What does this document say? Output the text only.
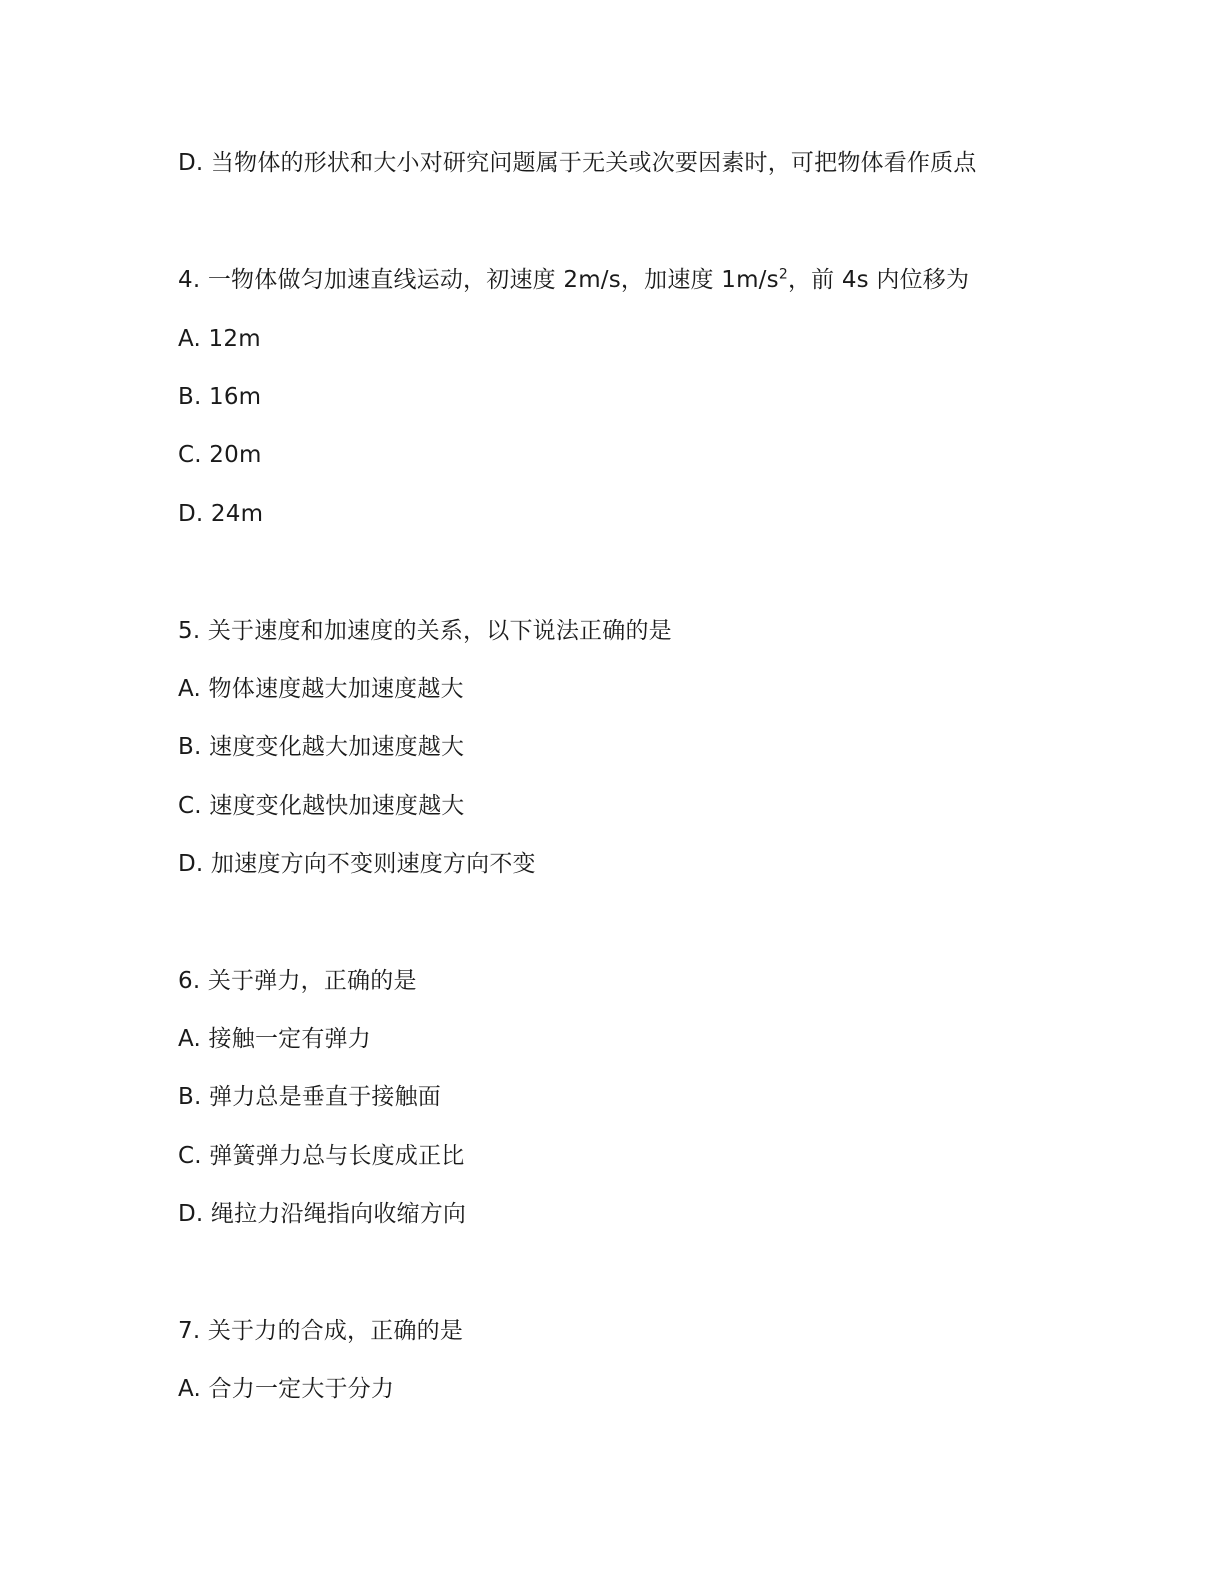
D. 当物体的形状和大小对研究问题属于无关或次要因素时，可把物体看作质点
4. 一物体做匀加速直线运动，初速度 2m/s，加速度 $1m/s^2$，前 4s 内位移为
A. 12m
B. 16m
C. 20m
D. 24m
5. 关于速度和加速度的关系，以下说法正确的是
A. 物体速度越大加速度越大
B. 速度变化越大加速度越大
C. 速度变化越快加速度越大
D. 加速度方向不变则速度方向不变
6. 关于弹力，正确的是
A. 接触一定有弹力
B. 弹力总是垂直于接触面
C. 弹簧弹力总与长度成正比
D. 绳拉力沿绳指向收缩方向
7. 关于力的合成，正确的是
A. 合力一定大于分力
